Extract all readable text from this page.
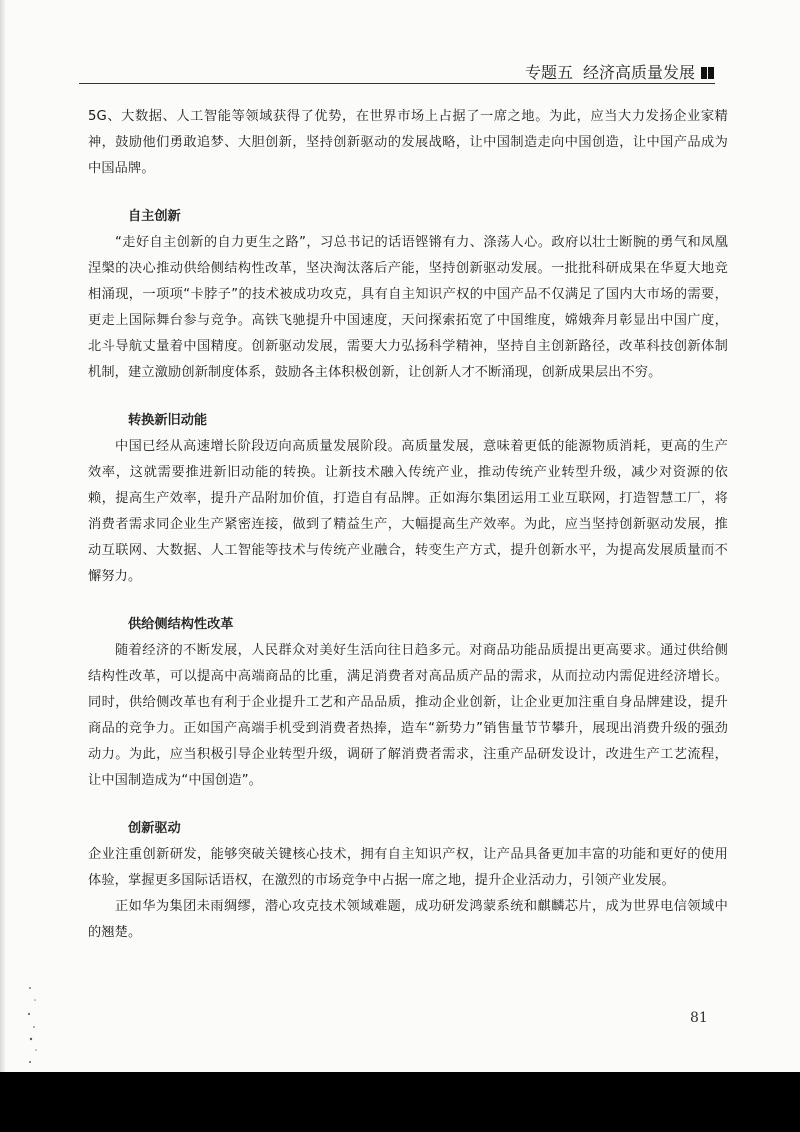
专题五 经济高质量发展

5G、大数据、人工智能等领域获得了优势，在世界市场上占据了一席之地。为此，应当大力发扬企业家精神，鼓励他们勇敢追梦、大胆创新，坚持创新驱动的发展战略，让中国制造走向中国创造，让中国产品成为中国品牌。

自主创新

“走好自主创新的自力更生之路”，习总书记的话语铿锵有力、涤荡人心。政府以壮士断腕的勇气和凤凰涅槃的决心推动供给侧结构性改革，坚决淘汰落后产能，坚持创新驱动发展。一批批科研成果在华夏大地竞相涌现，一项项“卡脖子”的技术被成功攻克，具有自主知识产权的中国产品不仅满足了国内大市场的需要，更走上国际舞台参与竞争。高铁飞驰提升中国速度，天问探索拓宽了中国维度，嫦娥奔月彰显出中国广度，北斗导航丈量着中国精度。创新驱动发展，需要大力弘扬科学精神，坚持自主创新路径，改革科技创新体制机制，建立激励创新制度体系，鼓励各主体积极创新，让创新人才不断涌现，创新成果层出不穷。

转换新旧动能

中国已经从高速增长阶段迈向高质量发展阶段。高质量发展，意味着更低的能源物质消耗，更高的生产效率，这就需要推进新旧动能的转换。让新技术融入传统产业，推动传统产业转型升级，减少对资源的依赖，提高生产效率，提升产品附加价值，打造自有品牌。正如海尔集团运用工业互联网，打造智慧工厂，将消费者需求同企业生产紧密连接，做到了精益生产，大幅提高生产效率。为此，应当坚持创新驱动发展，推动互联网、大数据、人工智能等技术与传统产业融合，转变生产方式，提升创新水平，为提高发展质量而不懈努力。

供给侧结构性改革

随着经济的不断发展，人民群众对美好生活向往日趋多元。对商品功能品质提出更高要求。通过供给侧结构性改革，可以提高中高端商品的比重，满足消费者对高品质产品的需求，从而拉动内需促进经济增长。同时，供给侧改革也有利于企业提升工艺和产品品质，推动企业创新，让企业更加注重自身品牌建设，提升商品的竞争力。正如国产高端手机受到消费者热捧，造车“新势力”销售量节节攀升，展现出消费升级的强劲动力。为此，应当积极引导企业转型升级，调研了解消费者需求，注重产品研发设计，改进生产工艺流程，让中国制造成为“中国创造”。

创新驱动

企业注重创新研发，能够突破关键核心技术，拥有自主知识产权，让产品具备更加丰富的功能和更好的使用体验，掌握更多国际话语权，在激烈的市场竞争中占据一席之地，提升企业活动力，引领产业发展。

正如华为集团未雨绸缪，潜心攻克技术领域难题，成功研发鸿蒙系统和麒麟芯片，成为世界电信领域中的翘楚。

81
